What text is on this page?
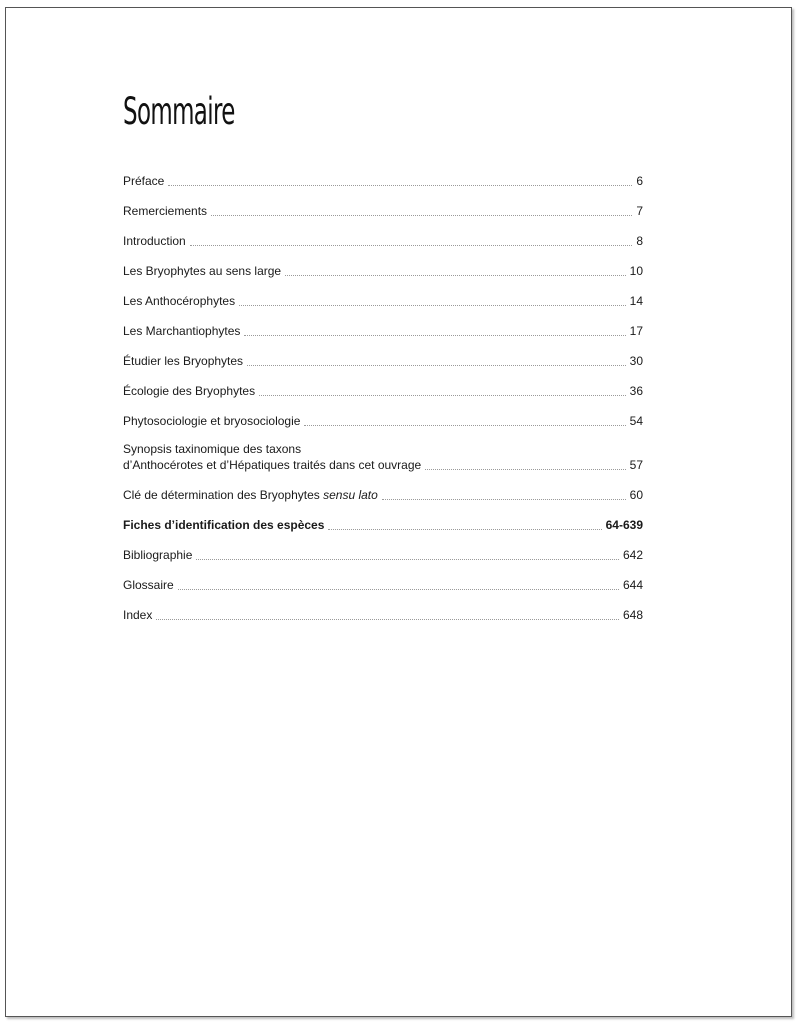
Sommaire
Préface	6
Remerciements	7
Introduction	8
Les Bryophytes au sens large	10
Les Anthocérophytes	14
Les Marchantiophytes	17
Étudier les Bryophytes	30
Écologie des Bryophytes	36
Phytosociologie et bryosociologie	54
Synopsis taxinomique des taxons
d’Anthocérotes et d’Hépatiques traités dans cet ouvrage	57
Clé de détermination des Bryophytes sensu lato	60
Fiches d’identification des espèces	64-639
Bibliographie	642
Glossaire	644
Index	648
